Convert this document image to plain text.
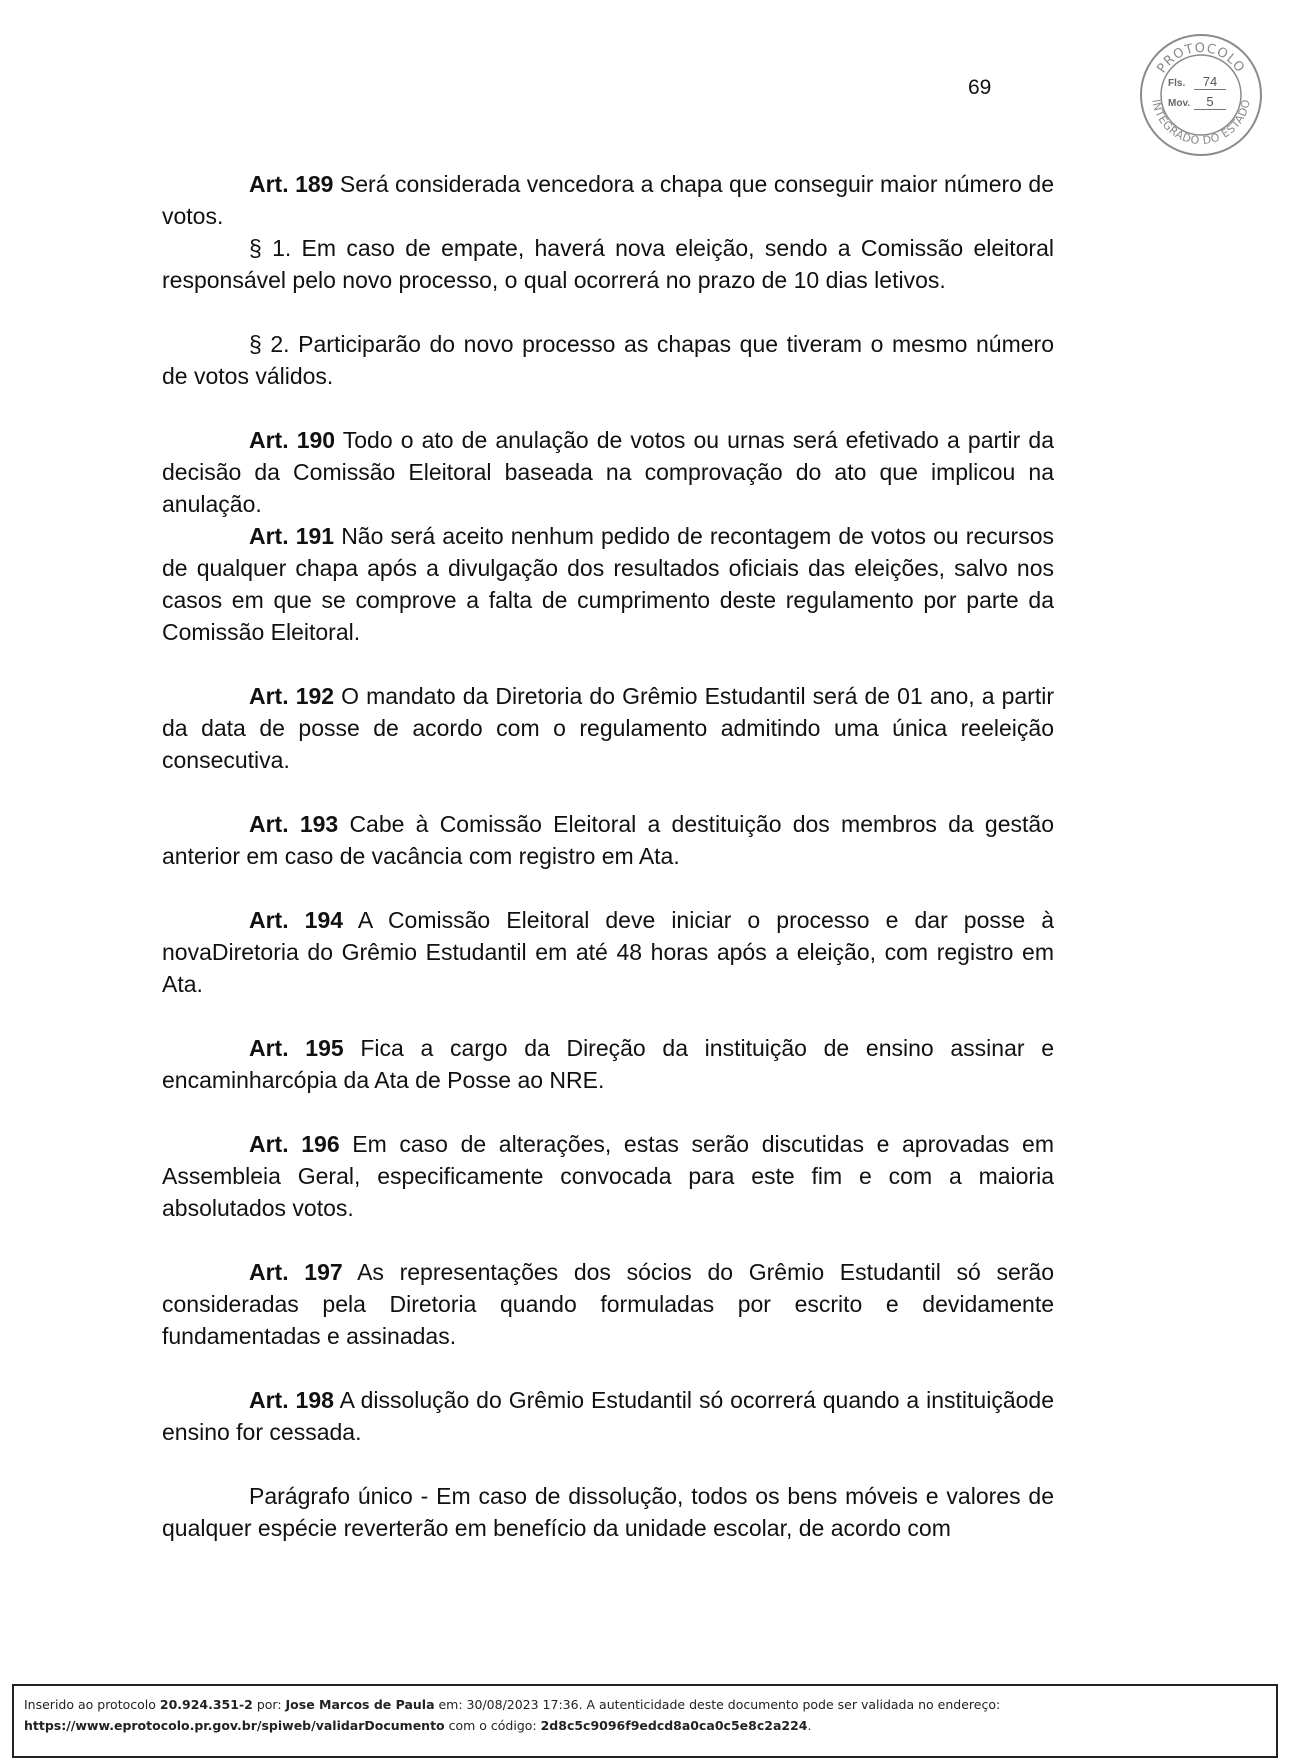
69
PROTOCOLO
INTEGRADO DO ESTADO
Fls. 74
Mov. 5

Art. 189 Será considerada vencedora a chapa que conseguir maior número de votos.

§ 1. Em caso de empate, haverá nova eleição, sendo a Comissão eleitoral responsável pelo novo processo, o qual ocorrerá no prazo de 10 dias letivos.

§ 2. Participarão do novo processo as chapas que tiveram o mesmo número de votos válidos.

Art. 190 Todo o ato de anulação de votos ou urnas será efetivado a partir da decisão da Comissão Eleitoral baseada na comprovação do ato que implicou na anulação.

Art. 191 Não será aceito nenhum pedido de recontagem de votos ou recursos de qualquer chapa após a divulgação dos resultados oficiais das eleições, salvo nos casos em que se comprove a falta de cumprimento deste regulamento por parte da Comissão Eleitoral.

Art. 192 O mandato da Diretoria do Grêmio Estudantil será de 01 ano, a partir da data de posse de acordo com o regulamento admitindo uma única reeleição consecutiva.

Art. 193 Cabe à Comissão Eleitoral a destituição dos membros da gestão anterior em caso de vacância com registro em Ata.

Art. 194 A Comissão Eleitoral deve iniciar o processo e dar posse à novaDiretoria do Grêmio Estudantil em até 48 horas após a eleição, com registro em Ata.

Art. 195 Fica a cargo da Direção da instituição de ensino assinar e encaminharcópia da Ata de Posse ao NRE.

Art. 196 Em caso de alterações, estas serão discutidas e aprovadas em Assembleia Geral, especificamente convocada para este fim e com a maioria absolutados votos.

Art. 197 As representações dos sócios do Grêmio Estudantil só serão consideradas pela Diretoria quando formuladas por escrito e devidamente fundamentadas e assinadas.

Art. 198 A dissolução do Grêmio Estudantil só ocorrerá quando a instituiçãode ensino for cessada.

Parágrafo único - Em caso de dissolução, todos os bens móveis e valores de qualquer espécie reverterão em benefício da unidade escolar, de acordo com

Inserido ao protocolo 20.924.351-2 por: Jose Marcos de Paula em: 30/08/2023 17:36. A autenticidade deste documento pode ser validada no endereço:
https://www.eprotocolo.pr.gov.br/spiweb/validarDocumento com o código: 2d8c5c9096f9edcd8a0ca0c5e8c2a224.
